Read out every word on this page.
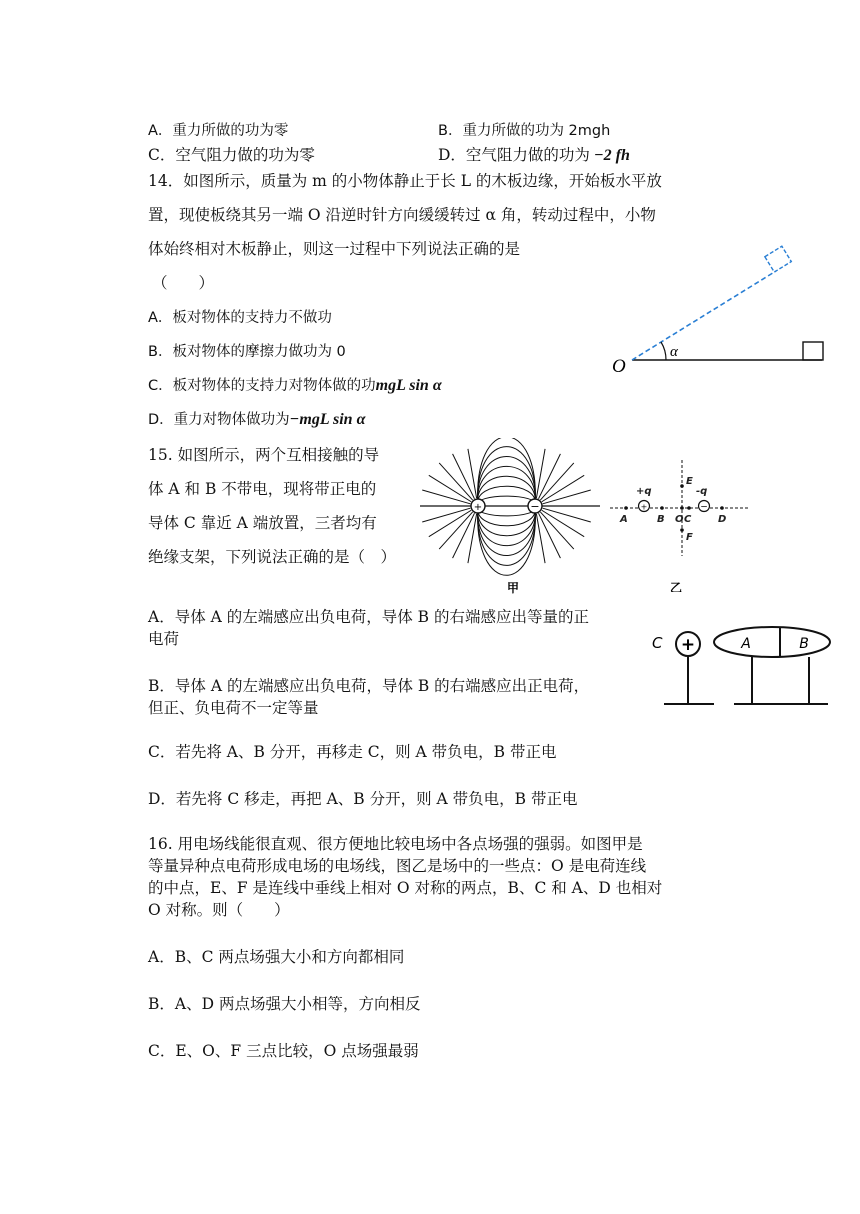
A．重力所做的功为零	B．重力所做的功为 2mgh
C．空气阻力做的功为零	D．空气阻力做的功为 −2 fh
14．如图所示，质量为 m 的小物体静止于长 L 的木板边缘，开始板水平放
置，现使板绕其另一端 O 沿逆时针方向缓缓转过 α 角，转动过程中，小物
体始终相对木板静止，则这一过程中下列说法正确的是
（　　）
A．板对物体的支持力不做功
B．板对物体的摩擦力做功为 0
C．板对物体的支持力对物体做的功mgL sin α
D．重力对物体做功为−mgL sin α
α
O
15. 如图所示，两个互相接触的导
体 A 和 B 不带电，现将带正电的
导体 C 靠近 A 端放置，三者均有
绝缘支架，下列说法正确的是（　）
+	−
甲
+	−
+q	-q
A	B O C	D
E
F
乙
A．导体 A 的左端感应出负电荷，导体 B 的右端感应出等量的正
电荷
B．导体 A 的左端感应出负电荷，导体 B 的右端感应出正电荷，
但正、负电荷不一定等量
C．若先将 A、B 分开，再移走 C，则 A 带负电，B 带正电
D．若先将 C 移走，再把 A、B 分开，则 A 带负电，B 带正电
C +	A	B
16. 用电场线能很直观、很方便地比较电场中各点场强的强弱。如图甲是
等量异种点电荷形成电场的电场线，图乙是场中的一些点：O 是电荷连线
的中点，E、F 是连线中垂线上相对 O 对称的两点，B、C 和 A、D 也相对
O 对称。则（　　）
A．B、C 两点场强大小和方向都相同
B．A、D 两点场强大小相等，方向相反
C．E、O、F 三点比较，O 点场强最弱
